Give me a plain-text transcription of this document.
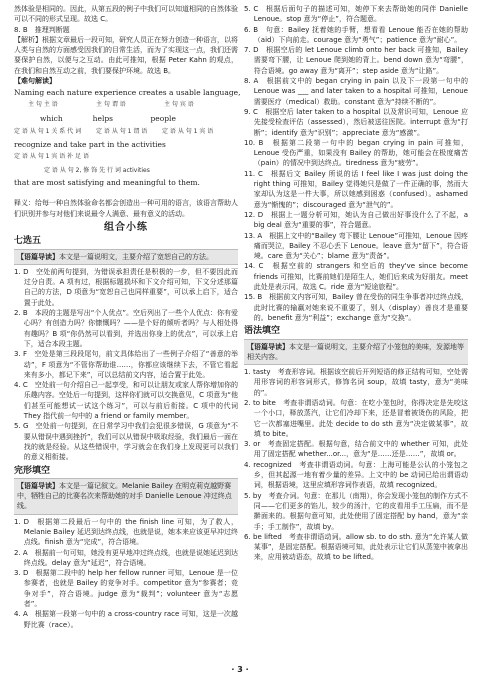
然体验是相同的。因此，从第五段的例子中我们可以知道相同的自然体验可以不同的形式呈现。故选 C。

8. B　推理判断题

【解析】根据文章最后一段可知，研究人员正在努力创造一种语言，以将人类与自然的方面感受因我们的目常生活，而为了实现这一点，我们还需要保护自然，以便与之互动。由此可推知，根据 Peter Kahn 的观点，在我们和自然互动之前，我们要保护环境。故选 B。

【难句解读】
Naming each nature experience creates a usable language,
主 句 主 语	主 句 谓 语	主 句 宾 语
which　　　　helps　　　　　people
定 语 从 句 1 关 系 代 词 定 语 从 句 1 谓 语 定 语 从 句 1 宾 语
recognize and take part in the activities
定 语 从 句 1 宾 语 补 足 语
定 语 从 句 2, 修 饰 先 行 词 activities
that are most satisfying and meaningful to them.

释义：给每一种自然体验命名都会创造出一种可用的语言，该语言帮助人们识别并参与对他们来说最令人满意、最有意义的活动。

组合小练
七选五
【语篇导读】本文是一篇说明文，主要介绍了宽恕自己的方法。

1. D　空处前两句提到，为错误承担责任是积极的一步，但不要因此而过分自责。A 项有过，根据标题损坏和下文介绍可知，下文分述那篇自己的方法，D 项意为“宽恕自己也同样重要”，可以承上启下，适合置于此处。

2. B　本段的主题是写出“个人优点”。空后列出了一些个人优点：你有爱心吗？有创造力吗？你慷慨吗？——是个好的倾听者吗？与人相处得有趣吗？B 项“你仍然可以看到，并选出你身上的优点”，可以承上启下，适合本段主题。

3. F　空处是第三段段尾句，前文具体给出了一些例子介绍了“善意的举动”，F 项意为“不管你帮助谁……，你都应该继续下去，不管它看起来有多小，都记下来”，可以总结前文内容，适合置于此处。

4. C　空处前一句介绍自己一起享受，和可以让朋友或家人帮你增加你的乐趣内容。空处后一句提到，这样你们就可以交换意见，C 项意为“他们甚至可能想试一试这个练习”，可以与前后衔接。C 项中的代词 They 指代前一句中的 a friend or family member。

5. G　空处前一句提到，在日常学习中我们会犯很多错误，G 项意为“不要从错误中遇到挫折”，我们可以从错误中吸取经验，我们最后一面在找的就是经验。从这些错误中，学习就会在我们身上发现更可以我们的意义相衔接。

完形填空
【语篇导读】本文是一篇记叙文。Melanie Bailey 在明克莉克越野赛中，牺牲自己的比赛名次来帮助她的对手 Danielle Lenoue 冲过终点线。

1. D　根据第二段最后一句中的 the finish line 可知，为了救人，Melanie Bailey 延迟到达终点线，也就是说，她本来应该更早冲过终点线。finish 意为“完成”，符合语境。

2. A　根据前一句可知，她没有更早地冲过终点线，也就是说她延迟到达终点线。delay 意为“延迟”，符合语境。

3. D　根据第二段中的 help her fellow runner 可知，Lenoue 是一位参赛者，也就是 Bailey 的竞争对手。competitor 意为“参赛者；竞争对手”，符合语境。judge 意为“裁判”；volunteer 意为“志愿者”。

4. A　根据第一段第一句中的 a cross-country race 可知，这是一次越野比赛（race）。

5. C　根据后面句子的描述可知，她停下来去帮助她的同伴 Danielle Lenoue。stop 意为“停止”，符合题意。

6. B　句意：Bailey 抚着她的手臂，想看看 Lenoue 能否在她的帮助（aid）下向前走。courage 意为“勇气”；patience 意为“耐心”。

7. D　根据空后的 let Lenoue climb onto her back 可推知，Bailey 需要弯下腰，让 Lenoue 爬到她的背上。bend down 意为“弯腰”，符合语境。go away 意为“离开”；step aside 意为“让路”。

8. A　根据前文中的 began crying in pain 以及下一段第一句中的 Lenoue was ___ and later taken to a hospital 可推知，Lenoue 需要医疗（medical）救助。constant 意为“持续不断的”。

9. C　根据空后 later taken to a hospital 以及常识可知，Lenoue 应先接受检查评估（assessed），然后被送往医院。interrupt 意为“打断”；identify 意为“识别”；appreciate 意为“感激”。

10. B　根据第二段第一句中的 began crying in pain 可推知，Lenoue 受伤严重，如果没有 Bailey 的帮助，她可能会在极度痛苦（pain）的情况中到达终点。tiredness 意为“疲劳”。

11. C　根据后文 Bailey 所说的话 I feel like I was just doing the right thing 可推知，Bailey 觉得她只是做了一件正确的事，然而大家却认为这是一件大事，所以她感到困惑（confused）。ashamed 意为“惭愧的”；discouraged 意为“泄气的”。

12. D　根据上一题分析可知，她认为自己做出好事没什么了不起，a big deal 意为“重要的事”，符合题意。

13. A　根据上文中的“Bailey 弯下腰让 Lenoue”可推知，Lenoue 因疼痛而哭泣，Bailey 不忍心丢下 Lenoue。leave 意为“留下”，符合语境。care 意为“关心”；blame 意为“责备”。

14. C　根据空前的 strangers 和空后的 they've since become friends 可推知，比赛前她们是陌生人，她们后来成为好朋友。meet 此处是表示同，故选 C。ride 意为“短途旅程”。

15. B　根据前文内容可知，Bailey 曾在受伤的同生争事者冲过终点线，此时比赛的输赢对她来说不重要了，别人（display）善良才是重要的。benefit 意为“利益”；exchange 意为“交换”。

语法填空
【语篇导读】本文是一篇说明文，主要介绍了小笼包的美味，发源地等相关内容。

1. tasty　考查形容词。根据该空前后开列短语的修正结构可知，空处需用形容词的形容词形式，修饰名词 soup，故填 tasty，意为“美味的”。

2. to bite　考查非谓语动词。句意：在吃小笼包时，你得决定是先咬这一个小口，释放蒸汽，让它们冷却下来，还是冒着被烫伤的风险，把它一次都塞进嘴里。此处 decide to do sth 意为“决定做某事”，故填 to bite。

3. or　考查固定搭配。根据句意，结合前文中的 whether 可知，此处用了固定搭配 whether...or...，意为“是……还是……”，故填 or。

4. recognized　考查非谓语动词。句意：上海可能是公认的小笼包之乡，但其起源一地有着少量的差异。上文中的 be 动词已给出谓语动词，根据语境，这里应填形容词作表语，故填 recognized。

5. by　考查介词。句意：在那儿（南翔），你会发现小笼包的制作方式不同——它们更多的馅儿，较少的汤汁，它的皮看用手工压扁，而不是擀面来的。根据句意可知，此处使用了固定搭配 by hand，意为“亲手；手工制作”，故填 by。

6. be lifted　考查非谓语动词。allow sb. to do sth. 意为“允许某人做某事”，是固定搭配。根据语境可知，此处表示让它们从蒸笼中被拿出来，应用被动语态，故填 to be lifted。

· 3 ·
